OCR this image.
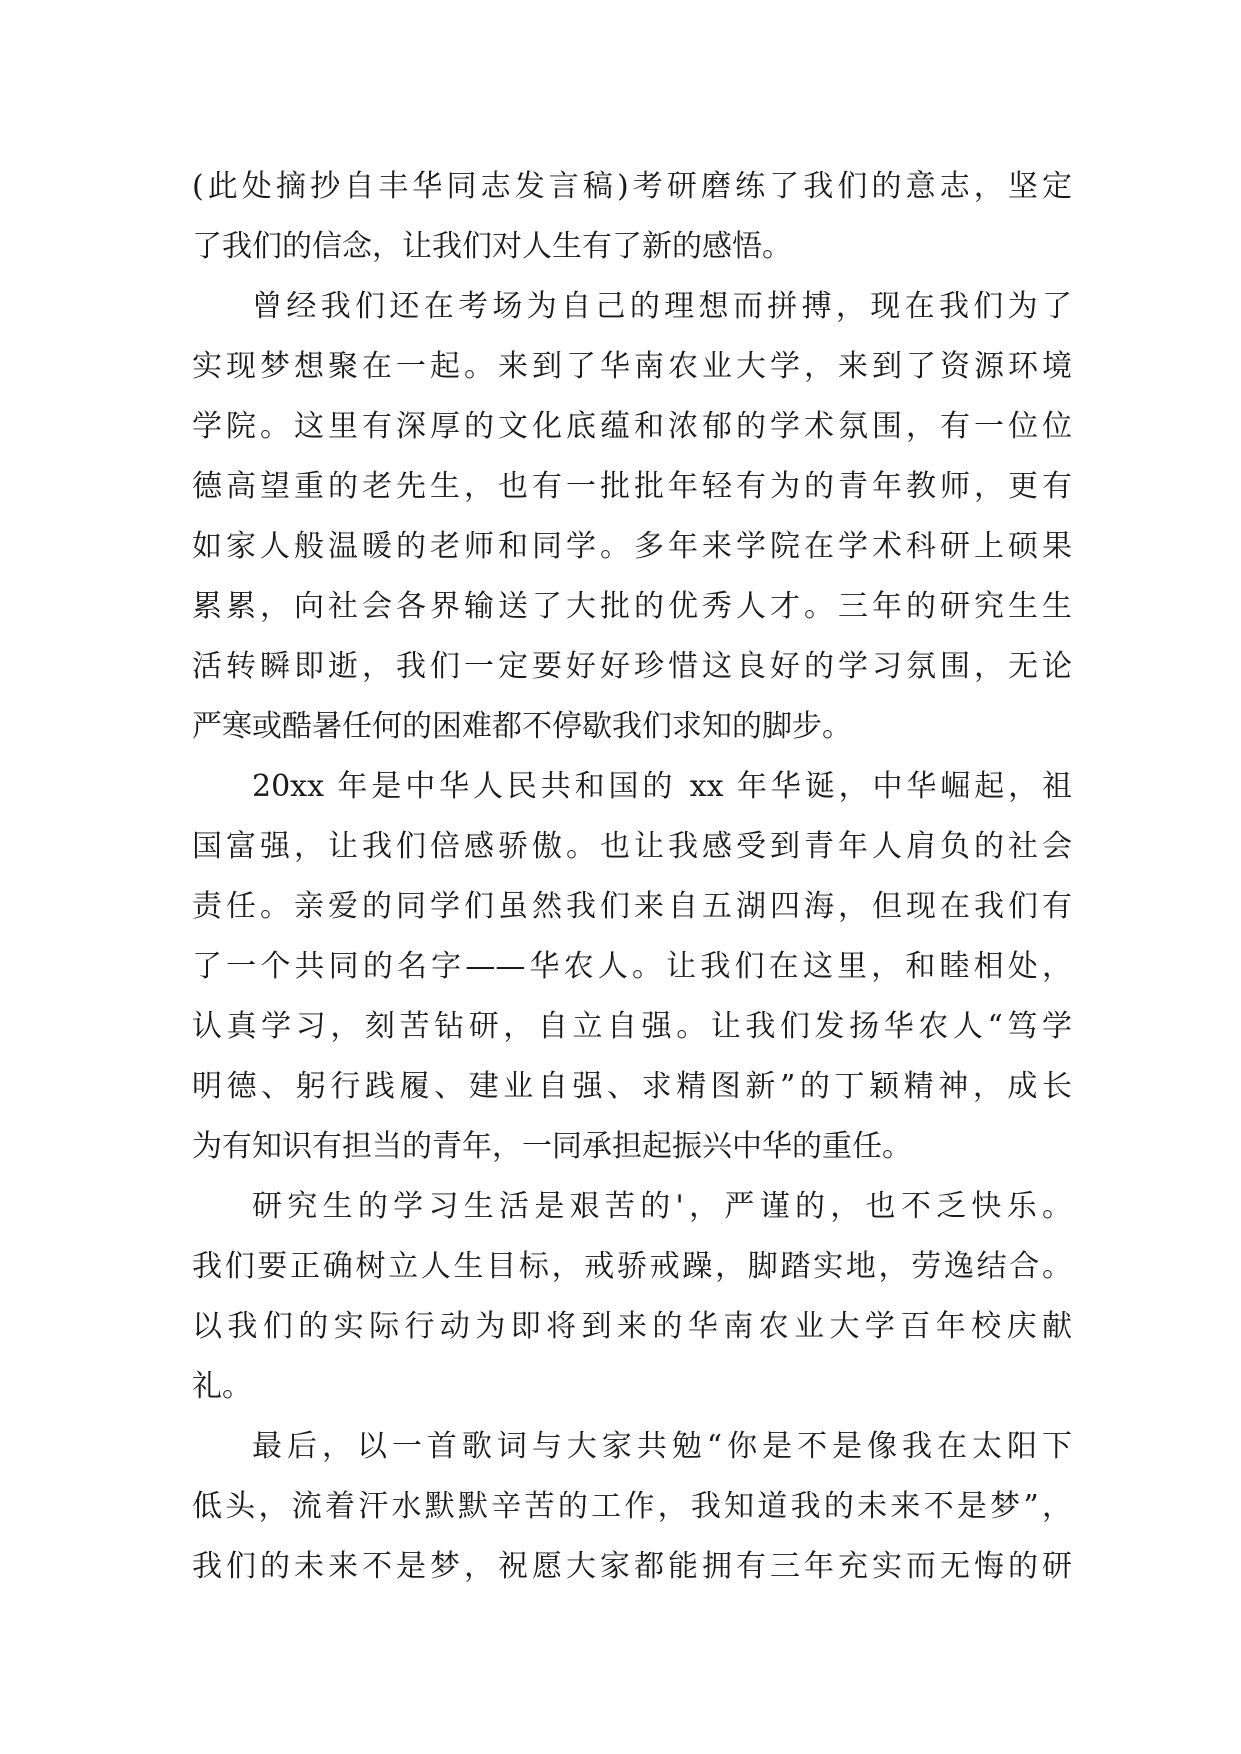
(此处摘抄自丰华同志发言稿)考研磨练了我们的意志，坚定
了我们的信念，让我们对人生有了新的感悟。
曾经我们还在考场为自己的理想而拼搏，现在我们为了
实现梦想聚在一起。来到了华南农业大学，来到了资源环境
学院。这里有深厚的文化底蕴和浓郁的学术氛围，有一位位
德高望重的老先生，也有一批批年轻有为的青年教师，更有
如家人般温暖的老师和同学。多年来学院在学术科研上硕果
累累，向社会各界输送了大批的优秀人才。三年的研究生生
活转瞬即逝，我们一定要好好珍惜这良好的学习氛围，无论
严寒或酷暑任何的困难都不停歇我们求知的脚步。
20xx 年是中华人民共和国的 xx 年华诞，中华崛起，祖
国富强，让我们倍感骄傲。也让我感受到青年人肩负的社会
责任。亲爱的同学们虽然我们来自五湖四海，但现在我们有
了一个共同的名字——华农人。让我们在这里，和睦相处，
认真学习，刻苦钻研，自立自强。让我们发扬华农人“笃学
明德、躬行践履、建业自强、求精图新”的丁颖精神，成长
为有知识有担当的青年，一同承担起振兴中华的重任。
研究生的学习生活是艰苦的'，严谨的，也不乏快乐。
我们要正确树立人生目标，戒骄戒躁，脚踏实地，劳逸结合。
以我们的实际行动为即将到来的华南农业大学百年校庆献
礼。
最后，以一首歌词与大家共勉“你是不是像我在太阳下
低头，流着汗水默默辛苦的工作，我知道我的未来不是梦”，
我们的未来不是梦，祝愿大家都能拥有三年充实而无悔的研
